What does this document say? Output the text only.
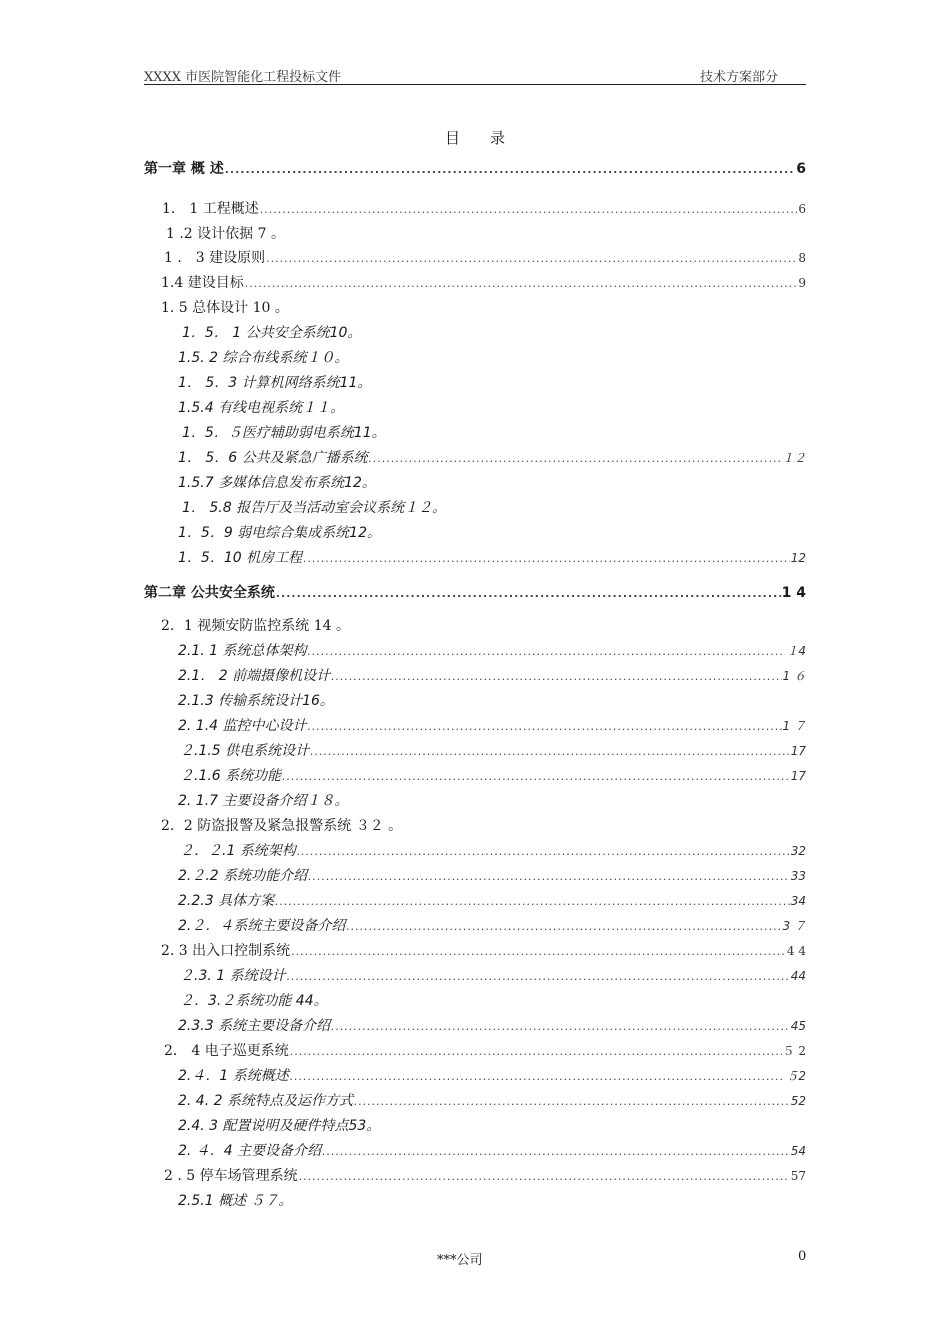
XXXX 市医院智能化工程投标文件	技术方案部分
目录
第一章 概 述 .....	6
1． 1 工程概述 .....	6
1 .2 设计依据 7 。
1 ． 3 建设原则 .....	8
1.4 建设目标 .....	9
1. 5 总体设计 10 。
1．5． 1 公共安全系统10。
1.5. 2 综合布线系统１０。
1． 5．3 计算机网络系统11。
1.5.4 有线电视系统１１。
1．5．５医疗辅助弱电系统11。
1． 5．6 公共及紧急广播系统 .....	１２
1.5.7 多媒体信息发布系统12。
1． 5.8 报告厅及当活动室会议系统１２。
1．5．9 弱电综合集成系统12。
1．5．10 机房工程 .....	12
第二章 公共安全系统 .....	1 4
2．1 视频安防监控系统 14 。
2.1. 1 系统总体架构 .....	１4
2.1． 2 前端摄像机设计 .....	1 ６
2.1.3 传输系统设计16。
2. 1.4 监控中心设计 .....	1 ７
２.1.5 供电系统设计 .....	17
２.1.6 系统功能 .....	17
2. 1.7 主要设备介绍１８。
2．2 防盗报警及紧急报警系统 ３２ 。
２．２.1 系统架构 .....	32
2.２.2 系统功能介绍 .....	33
2.2.3 具体方案 .....	34
2.２．４系统主要设备介绍 .....	3 ７
2. 3 出入口控制系统 .....	4 4
２.3. 1 系统设计 .....	44
２．3.２系统功能 44。
2.3.3 系统主要设备介绍 .....	45
2． 4 电子巡更系统 .....	５ 2
2.４．1 系统概述 .....	５2
2. 4. 2 系统特点及运作方式 .....	52
2.4. 3 配置说明及硬件特点53。
2. ４．4 主要设备介绍 .....	54
2 . 5 停车场管理系统 .....	57
2.5.1 概述 ５７。
***公司	0
